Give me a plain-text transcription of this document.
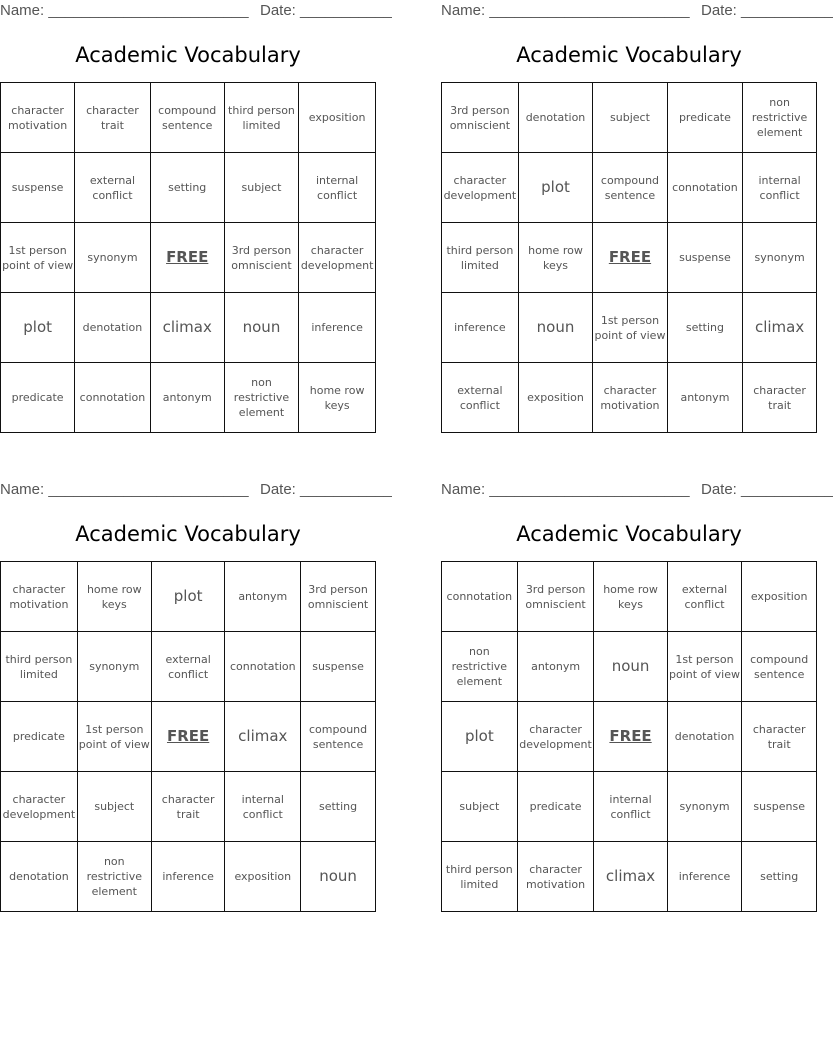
Name: ________________________ Date: ___________
Academic Vocabulary
character motivation	character trait	compound sentence	third person limited	exposition
suspense	external conflict	setting	subject	internal conflict
1st person point of view	synonym	FREE	3rd person omniscient	character development
plot	denotation	climax	noun	inference
predicate	connotation	antonym	non restrictive element	home row keys
Name: ________________________ Date: ___________
Academic Vocabulary
3rd person omniscient	denotation	subject	predicate	non restrictive element
character development	plot	compound sentence	connotation	internal conflict
third person limited	home row keys	FREE	suspense	synonym
inference	noun	1st person point of view	setting	climax
external conflict	exposition	character motivation	antonym	character trait
Name: ________________________ Date: ___________
Academic Vocabulary
character motivation	home row keys	plot	antonym	3rd person omniscient
third person limited	synonym	external conflict	connotation	suspense
predicate	1st person point of view	FREE	climax	compound sentence
character development	subject	character trait	internal conflict	setting
denotation	non restrictive element	inference	exposition	noun
Name: ________________________ Date: ___________
Academic Vocabulary
connotation	3rd person omniscient	home row keys	external conflict	exposition
non restrictive element	antonym	noun	1st person point of view	compound sentence
plot	character development	FREE	denotation	character trait
subject	predicate	internal conflict	synonym	suspense
third person limited	character motivation	climax	inference	setting
